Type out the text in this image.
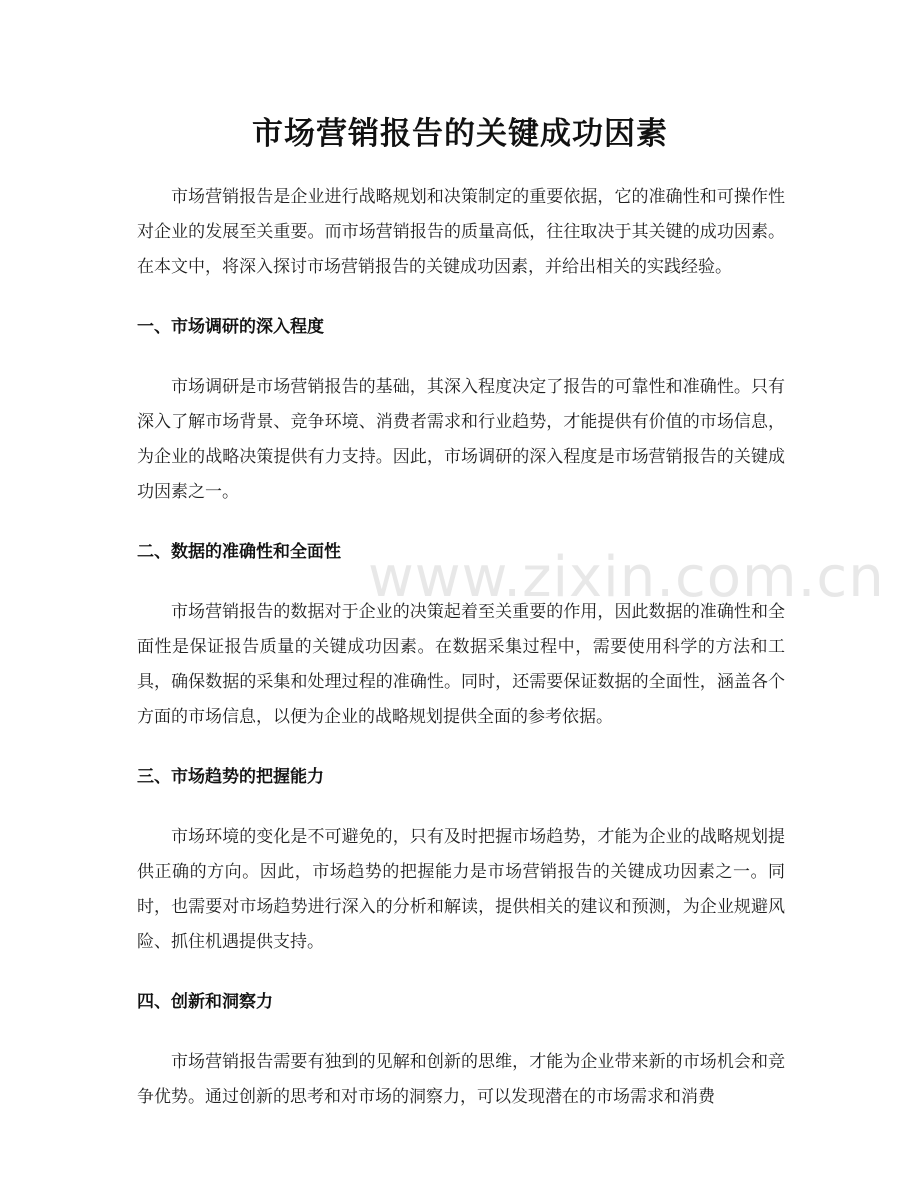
市场营销报告的关键成功因素

市场营销报告是企业进行战略规划和决策制定的重要依据，它的准确性和可操作性对企业的发展至关重要。而市场营销报告的质量高低，往往取决于其关键的成功因素。在本文中，将深入探讨市场营销报告的关键成功因素，并给出相关的实践经验。

一、市场调研的深入程度

市场调研是市场营销报告的基础，其深入程度决定了报告的可靠性和准确性。只有深入了解市场背景、竞争环境、消费者需求和行业趋势，才能提供有价值的市场信息，为企业的战略决策提供有力支持。因此，市场调研的深入程度是市场营销报告的关键成功因素之一。

二、数据的准确性和全面性

市场营销报告的数据对于企业的决策起着至关重要的作用，因此数据的准确性和全面性是保证报告质量的关键成功因素。在数据采集过程中，需要使用科学的方法和工具，确保数据的采集和处理过程的准确性。同时，还需要保证数据的全面性，涵盖各个方面的市场信息，以便为企业的战略规划提供全面的参考依据。

三、市场趋势的把握能力

市场环境的变化是不可避免的，只有及时把握市场趋势，才能为企业的战略规划提供正确的方向。因此，市场趋势的把握能力是市场营销报告的关键成功因素之一。同时，也需要对市场趋势进行深入的分析和解读，提供相关的建议和预测，为企业规避风险、抓住机遇提供支持。

四、创新和洞察力

市场营销报告需要有独到的见解和创新的思维，才能为企业带来新的市场机会和竞争优势。通过创新的思考和对市场的洞察力，可以发现潜在的市场需求和消费

www.zixin.com.cn
